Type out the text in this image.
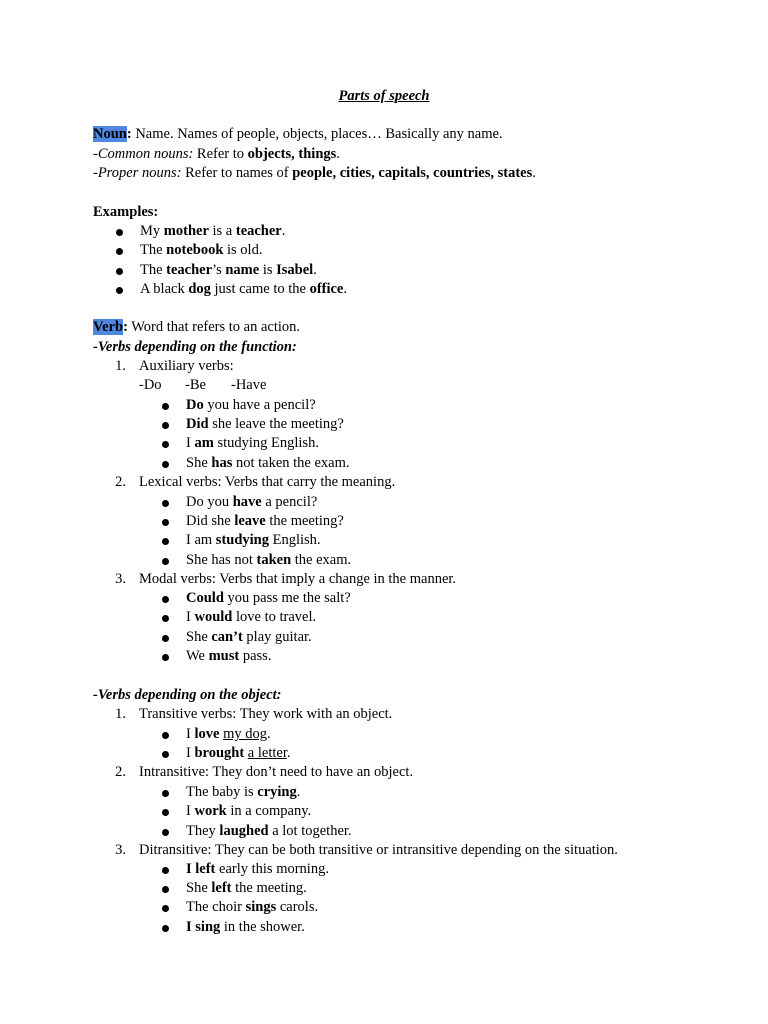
Parts of speech
Noun: Name. Names of people, objects, places… Basically any name.
-Common nouns: Refer to objects, things.
-Proper nouns: Refer to names of people, cities, capitals, countries, states.
Examples:
My mother is a teacher.
The notebook is old.
The teacher’s name is Isabel.
A black dog just came to the office.
Verb: Word that refers to an action.
-Verbs depending on the function:
1. Auxiliary verbs:
-Do -Be -Have
Do you have a pencil?
Did she leave the meeting?
I am studying English.
She has not taken the exam.
2. Lexical verbs: Verbs that carry the meaning.
Do you have a pencil?
Did she leave the meeting?
I am studying English.
She has not taken the exam.
3. Modal verbs: Verbs that imply a change in the manner.
Could you pass me the salt?
I would love to travel.
She can’t play guitar.
We must pass.
-Verbs depending on the object:
1. Transitive verbs: They work with an object.
I love my dog.
I brought a letter.
2. Intransitive: They don’t need to have an object.
The baby is crying.
I work in a company.
They laughed a lot together.
3. Ditransitive: They can be both transitive or intransitive depending on the situation.
I left early this morning.
She left the meeting.
The choir sings carols.
I sing in the shower.
